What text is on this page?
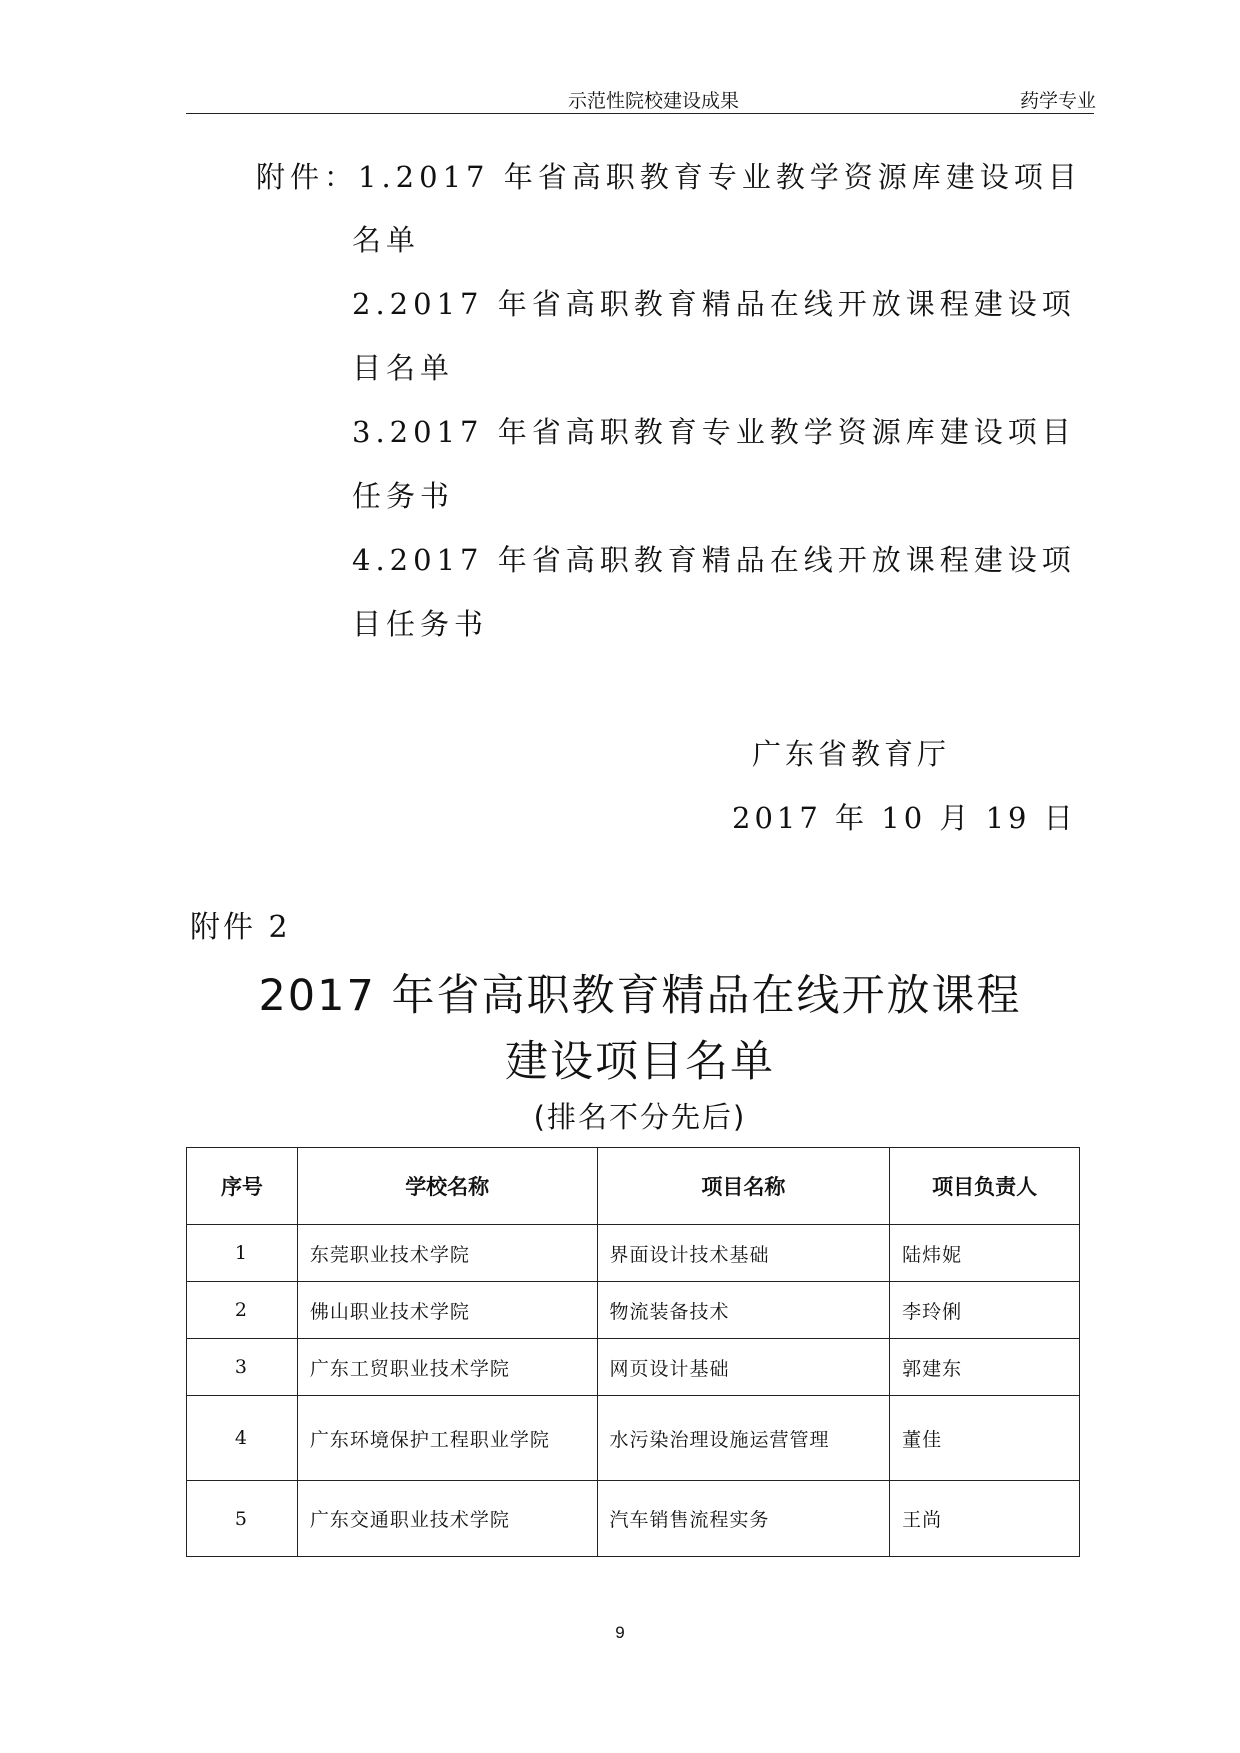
示范性院校建设成果	药学专业
附件：1.2017 年省高职教育专业教学资源库建设项目
名单
2.2017 年省高职教育精品在线开放课程建设项
目名单
3.2017 年省高职教育专业教学资源库建设项目
任务书
4.2017 年省高职教育精品在线开放课程建设项
目任务书
广东省教育厅
2017 年 10 月 19 日
附件 2
2017 年省高职教育精品在线开放课程
建设项目名单
(排名不分先后)
序号	学校名称	项目名称	项目负责人
1	东莞职业技术学院	界面设计技术基础	陆炜妮
2	佛山职业技术学院	物流装备技术	李玲俐
3	广东工贸职业技术学院	网页设计基础	郭建东
4	广东环境保护工程职业学院	水污染治理设施运营管理	董佳
5	广东交通职业技术学院	汽车销售流程实务	王尚
9
